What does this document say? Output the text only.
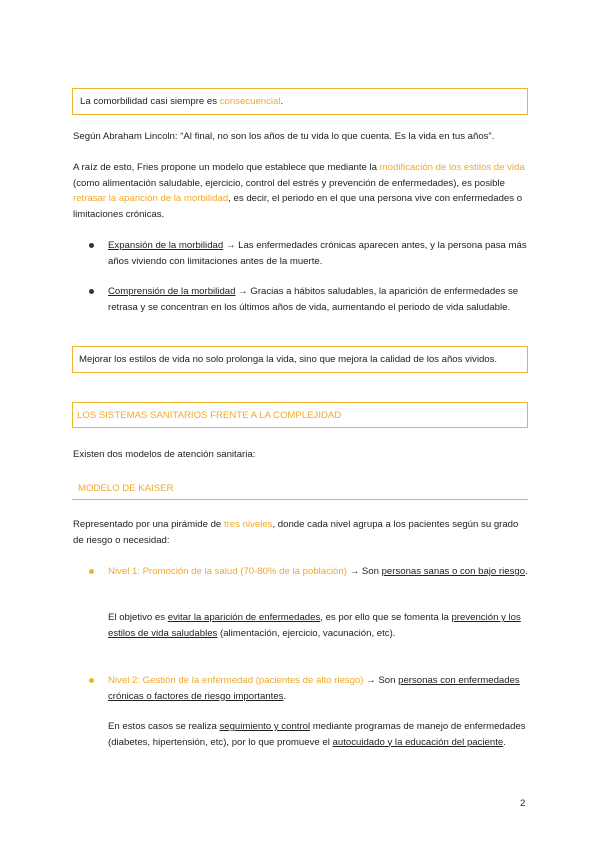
La comorbilidad casi siempre es consecuencial.
Según Abraham Lincoln: “Al final, no son los años de tu vida lo que cuenta. Es la vida en tus años”.
A raíz de esto, Fries propone un modelo que establece que mediante la modificación de los estilos de vida (como alimentación saludable, ejercicio, control del estrés y prevención de enfermedades), es posible retrasar la aparición de la morbilidad, es decir, el periodo en el que una persona vive con enfermedades o limitaciones crónicas.
Expansión de la morbilidad → Las enfermedades crónicas aparecen antes, y la persona pasa más años viviendo con limitaciones antes de la muerte.
Comprensión de la morbilidad → Gracias a hábitos saludables, la aparición de enfermedades se retrasa y se concentran en los últimos años de vida, aumentando el periodo de vida saludable.
Mejorar los estilos de vida no solo prolonga la vida, sino que mejora la calidad de los años vividos.
LOS SISTEMAS SANITARIOS FRENTE A LA COMPLEJIDAD
Existen dos modelos de atención sanitaria:
MODELO DE KAISER
Representado por una pirámide de tres niveles, donde cada nivel agrupa a los pacientes según su grado de riesgo o necesidad:
Nivel 1: Promoción de la salud (70-80% de la población) → Son personas sanas o con bajo riesgo.
El objetivo es evitar la aparición de enfermedades, es por ello que se fomenta la prevención y los estilos de vida saludables (alimentación, ejercicio, vacunación, etc).
Nivel 2: Gestión de la enfermedad (pacientes de alto riesgo) → Son personas con enfermedades crónicas o factores de riesgo importantes.
En estos casos se realiza seguimiento y control mediante programas de manejo de enfermedades (diabetes, hipertensión, etc), por lo que promueve el autocuidado y la educación del paciente.
2
